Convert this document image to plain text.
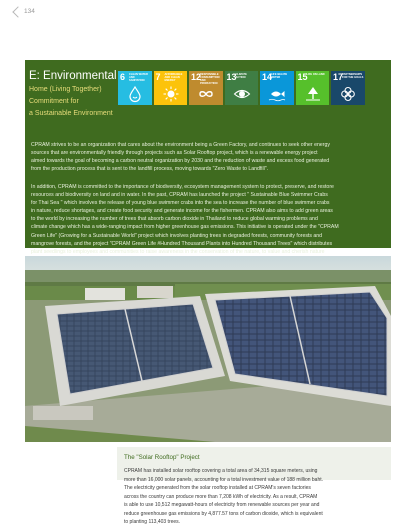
134
E: Environmental
Home (Living Together)
Commitment for
a Sustainable Environment
6 CLEAN WATER AND SANITATION	7 AFFORDABLE AND CLEAN ENERGY	12
RESPONSIBLE CONSUMPTION AND PRODUCTION
13
CLIMATE ACTION	14
LIFE BELOW WATER	15
LIFE ON LAND 17
PARTNERSHIPS FOR THE GOALS
CPRAM strives to be an organization that cares about the environment being a Green Factory, and continues to seek other energy
sources that are environmentally friendly through projects such as Solar Rooftop project, which is a renewable energy project
aimed towards the goal of becoming a carbon neutral organization by 2030 and the reduction of waste and excess food generated
from the production process that is sent to the landfill process, moving towards "Zero Waste to Landfill".
In addition, CPRAM is committed to the importance of biodiversity, ecosystem management system to protect, preserve, and restore
resources and biodiversity on land and in water. In the past, CPRAM has launched the project " Sustainable Blue Swimmer Crabs
for Thai Sea " which involves the release of young blue swimmer crabs into the sea to increase the number of blue swimmer crabs
in nature, reduce shortages, and create food security and generate income for the fishermen. CPRAM also aims to add green areas
to the world by increasing the number of trees that absorb carbon dioxide in Thailand to reduce global warming problems and
climate change which has a wide-ranging impact from higher greenhouse gas emissions. This initiative is operated under the "CPRAM
Green Life" (Growing for a Sustainable World" project which involves planting trees in degraded forests, community forests and
mangrove forests, and the project "CPRAM Green Life #Hundred Thousand Plants into Hundred Thousand Trees" which distributes
plant seedlings to employees and communities to raise awareness in the conservation of the nature, to value and cherish nature
The "Solar Rooftop" Project
CPRAM has installed solar rooftop covering a total area of 34,315 square meters, using
more than 16,000 solar panels, accounting for a total investment value of 188 million baht.
The electricity generated from the solar rooftop installed at CPRAM's seven factories
across the country can produce more than 7,208 kWh of electricity. As a result, CPRAM
is able to use 10,512 megawatt-hours of electricity from renewable sources per year and
reduce greenhouse gas emissions by 4,877.57 tons of carbon dioxide, which is equivalent
to planting 113,403 trees.
